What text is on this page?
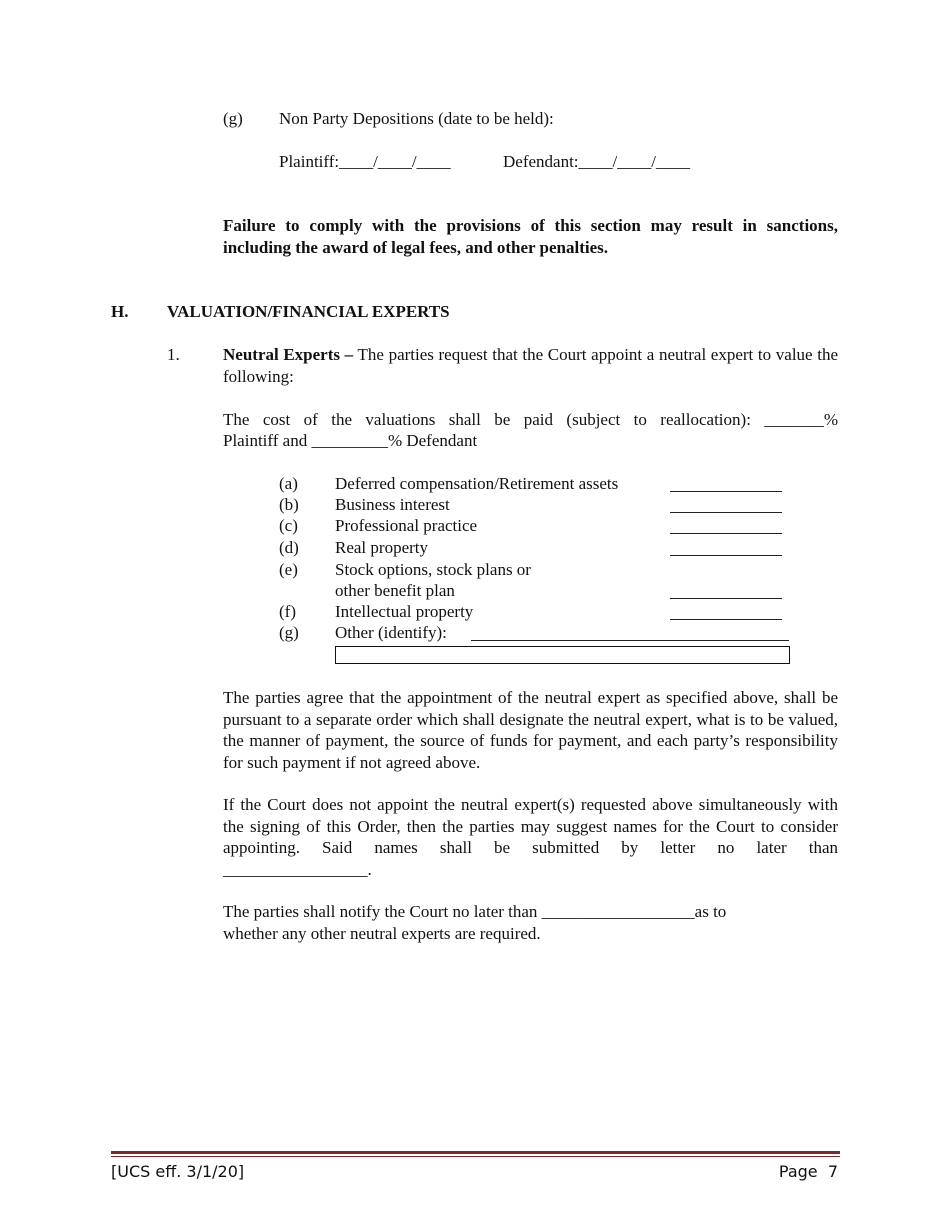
(g) Non Party Depositions (date to be held):
Plaintiff:____/____/____	Defendant:____/____/____
Failure to comply with the provisions of this section may result in sanctions, including the award of legal fees, and other penalties.
H. VALUATION/FINANCIAL EXPERTS
1.	Neutral Experts – The parties request that the Court appoint a neutral expert to value the following:
The cost of the valuations shall be paid (subject to reallocation): _______%
Plaintiff and _________% Defendant
(a) Deferred compensation/Retirement assets
(b) Business interest
(c) Professional practice
(d) Real property
(e) Stock options, stock plans or
other benefit plan
(f) Intellectual property
(g) Other (identify):
The parties agree that the appointment of the neutral expert as specified above, shall be pursuant to a separate order which shall designate the neutral expert, what is to be valued, the manner of payment, the source of funds for payment, and each party’s responsibility for such payment if not agreed above.
If the Court does not appoint the neutral expert(s) requested above simultaneously with the signing of this Order, then the parties may suggest names for the Court to consider appointing. Said names shall be submitted by letter no later than
_________________.
The parties shall notify the Court no later than __________________as to
whether any other neutral experts are required.
[UCS eff. 3/1/20]	Page  7
